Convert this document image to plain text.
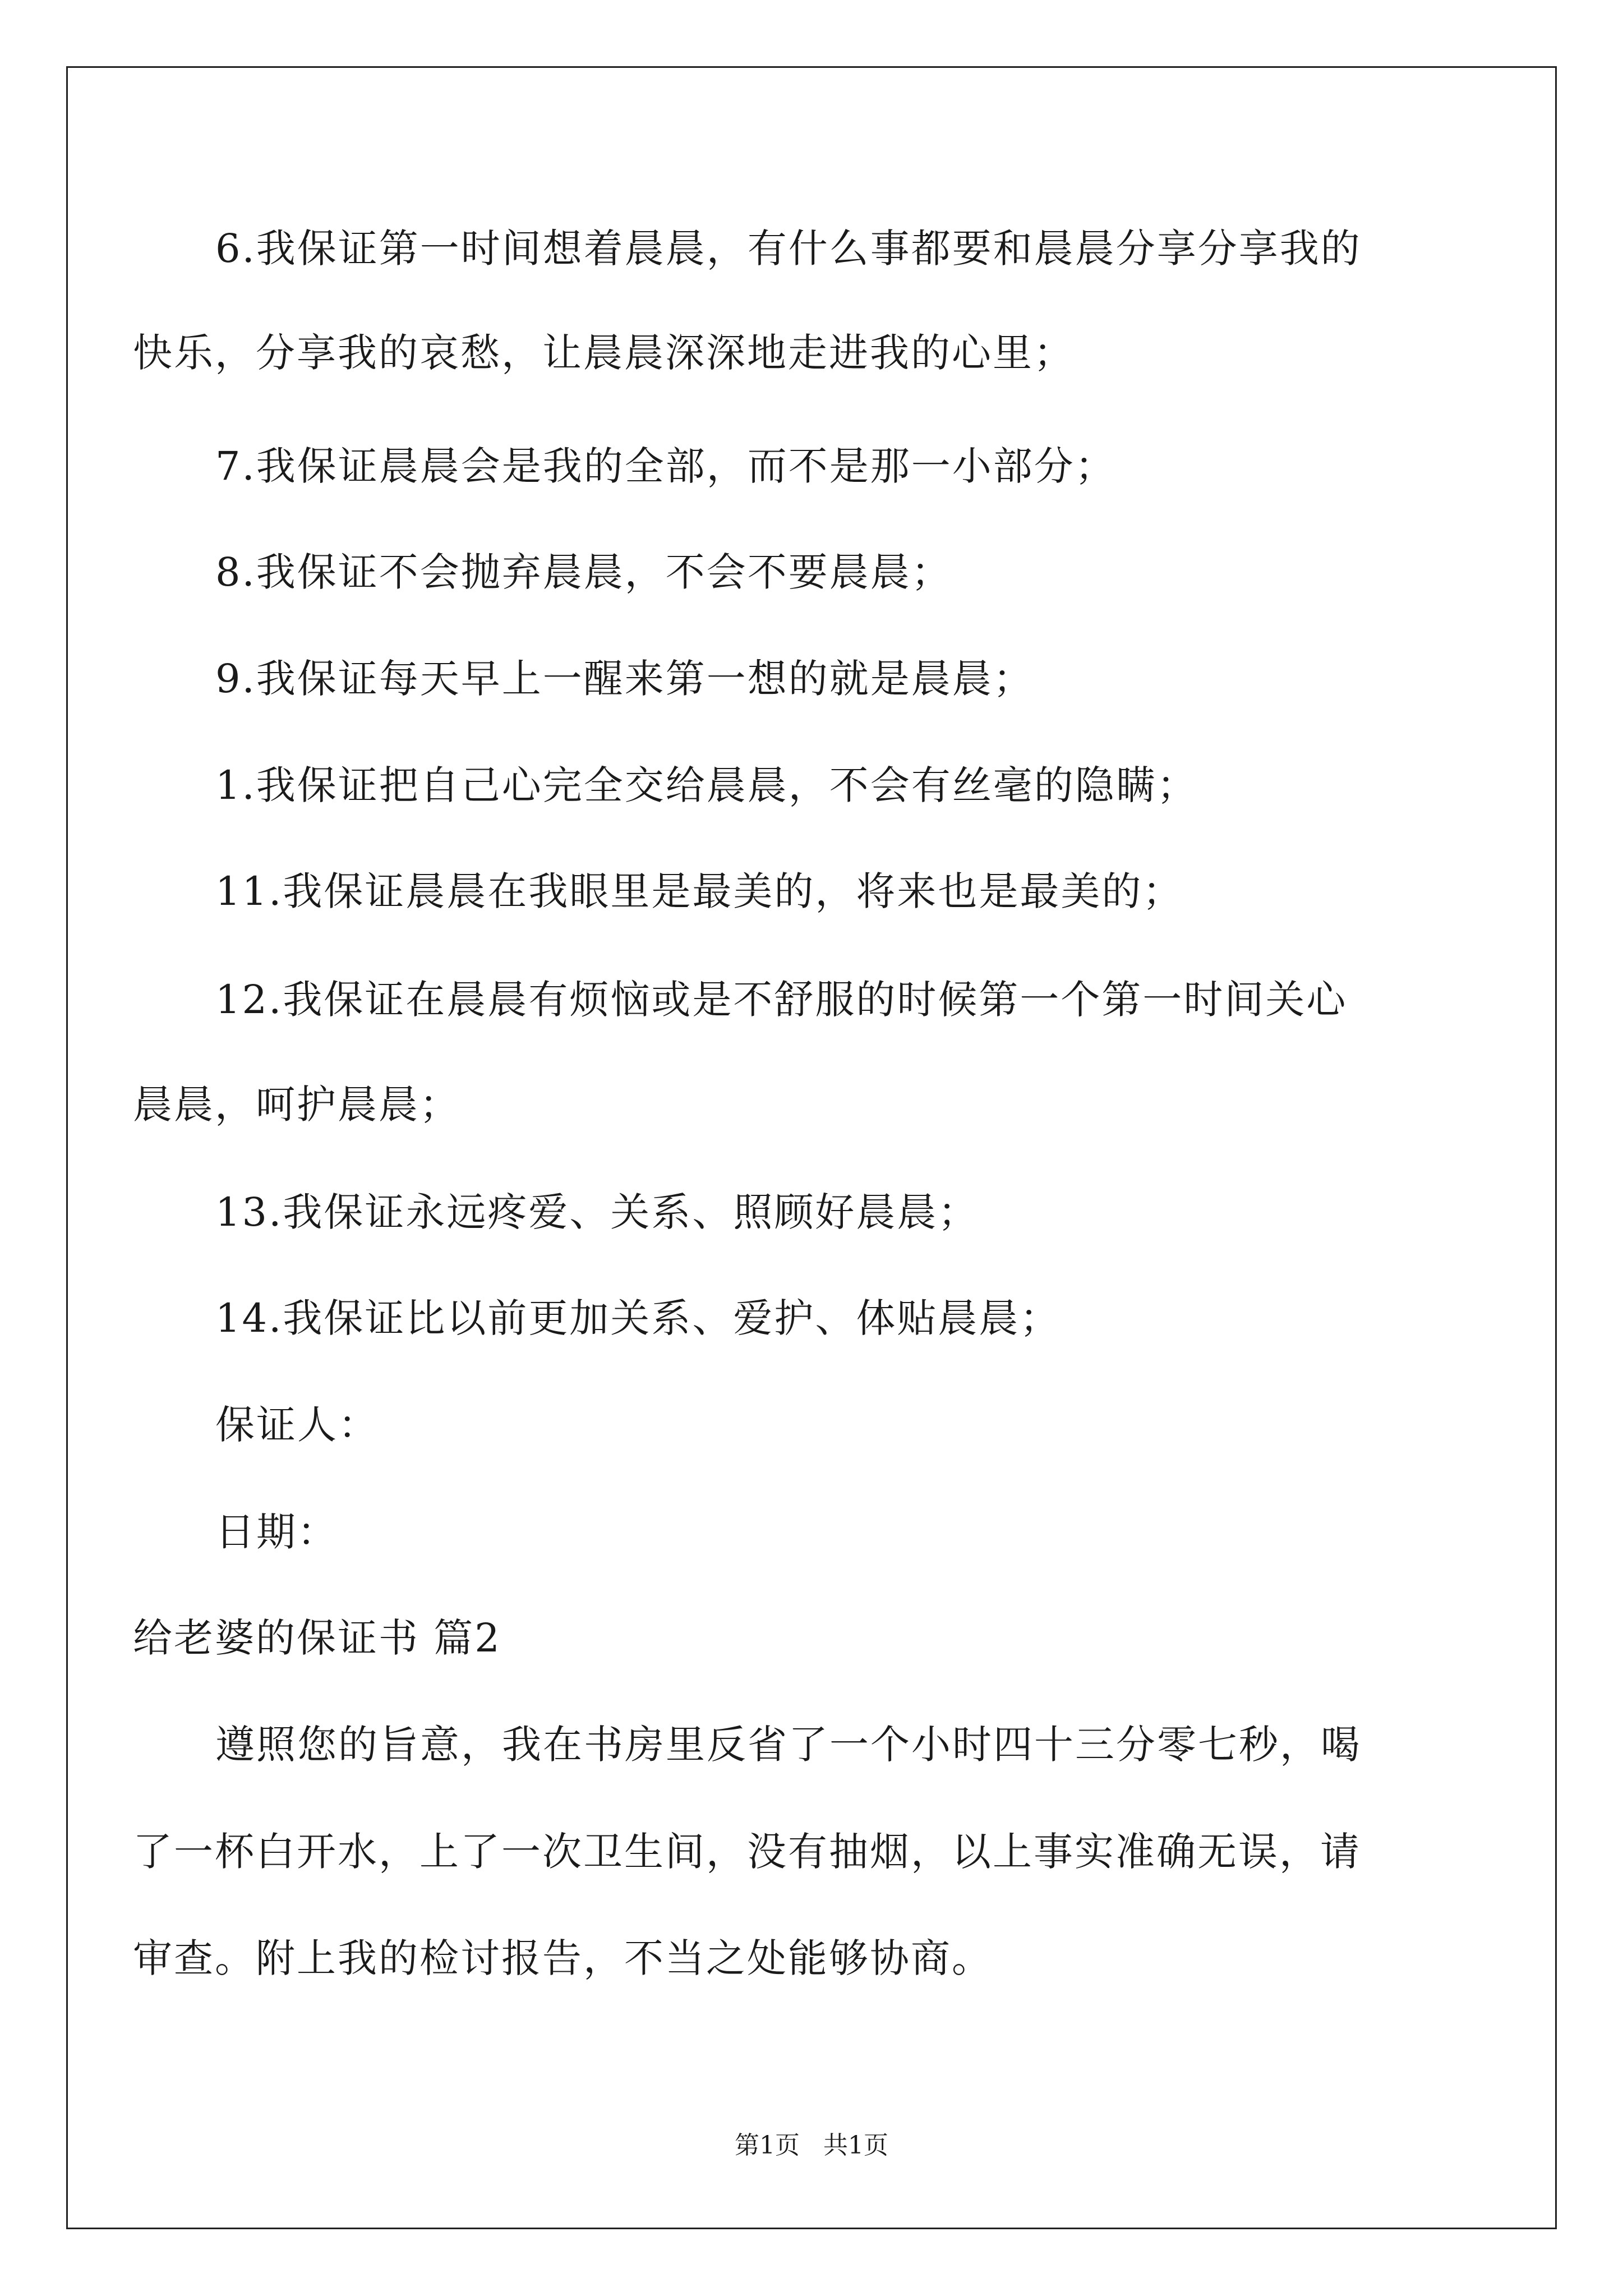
6.我保证第一时间想着晨晨，有什么事都要和晨晨分享分享我的
快乐，分享我的哀愁，让晨晨深深地走进我的心里；
7.我保证晨晨会是我的全部，而不是那一小部分；
8.我保证不会抛弃晨晨，不会不要晨晨；
9.我保证每天早上一醒来第一想的就是晨晨；
1.我保证把自己心完全交给晨晨，不会有丝毫的隐瞒；
11.我保证晨晨在我眼里是最美的，将来也是最美的；
12.我保证在晨晨有烦恼或是不舒服的时候第一个第一时间关心
晨晨，呵护晨晨；
13.我保证永远疼爱、关系、照顾好晨晨；
14.我保证比以前更加关系、爱护、体贴晨晨；
保证人：
日期：
给老婆的保证书 篇2
遵照您的旨意，我在书房里反省了一个小时四十三分零七秒，喝
了一杯白开水，上了一次卫生间，没有抽烟，以上事实准确无误，请
审查。附上我的检讨报告，不当之处能够协商。
第1页   共1页
